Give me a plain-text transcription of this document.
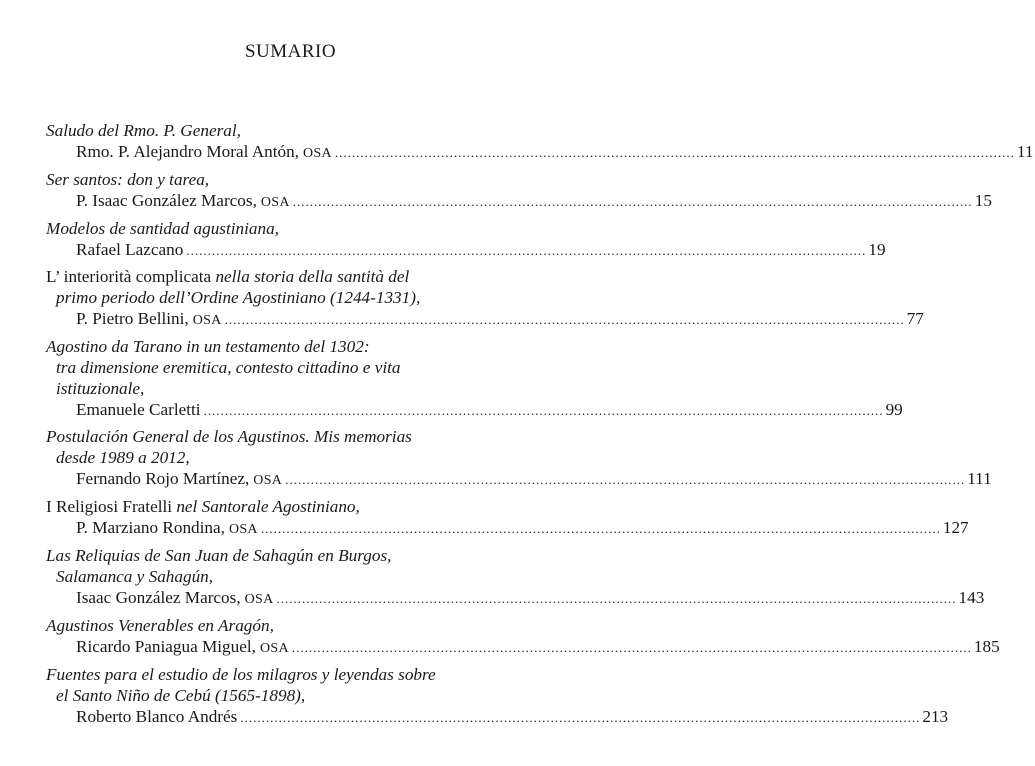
SUMARIO
Saludo del Rmo. P. General,
Rmo. P. Alejandro Moral Antón, OSA ................................................................................................................................................................ 11
Ser santos: don y tarea,
P. Isaac González Marcos, OSA ................................................................................................................................................................ 15
Modelos de santidad agustiniana,
Rafael Lazcano ................................................................................................................................................................ 19
L’ interiorità complicata nella storia della santità del
primo periodo dell’Ordine Agostiniano (1244-1331),
P. Pietro Bellini, OSA ................................................................................................................................................................ 77
Agostino da Tarano in un testamento del 1302:
tra dimensione eremitica, contesto cittadino e vita
istituzionale,
Emanuele Carletti ................................................................................................................................................................ 99
Postulación General de los Agustinos. Mis memorias
desde 1989 a 2012,
Fernando Rojo Martínez, OSA ................................................................................................................................................................ 111
I Religiosi Fratelli nel Santorale Agostiniano,
P. Marziano Rondina, OSA ................................................................................................................................................................ 127
Las Reliquias de San Juan de Sahagún en Burgos,
Salamanca y Sahagún,
Isaac González Marcos, OSA ................................................................................................................................................................ 143
Agustinos Venerables en Aragón,
Ricardo Paniagua Miguel, OSA ................................................................................................................................................................ 185
Fuentes para el estudio de los milagros y leyendas sobre
el Santo Niño de Cebú (1565-1898),
Roberto Blanco Andrés ................................................................................................................................................................ 213
